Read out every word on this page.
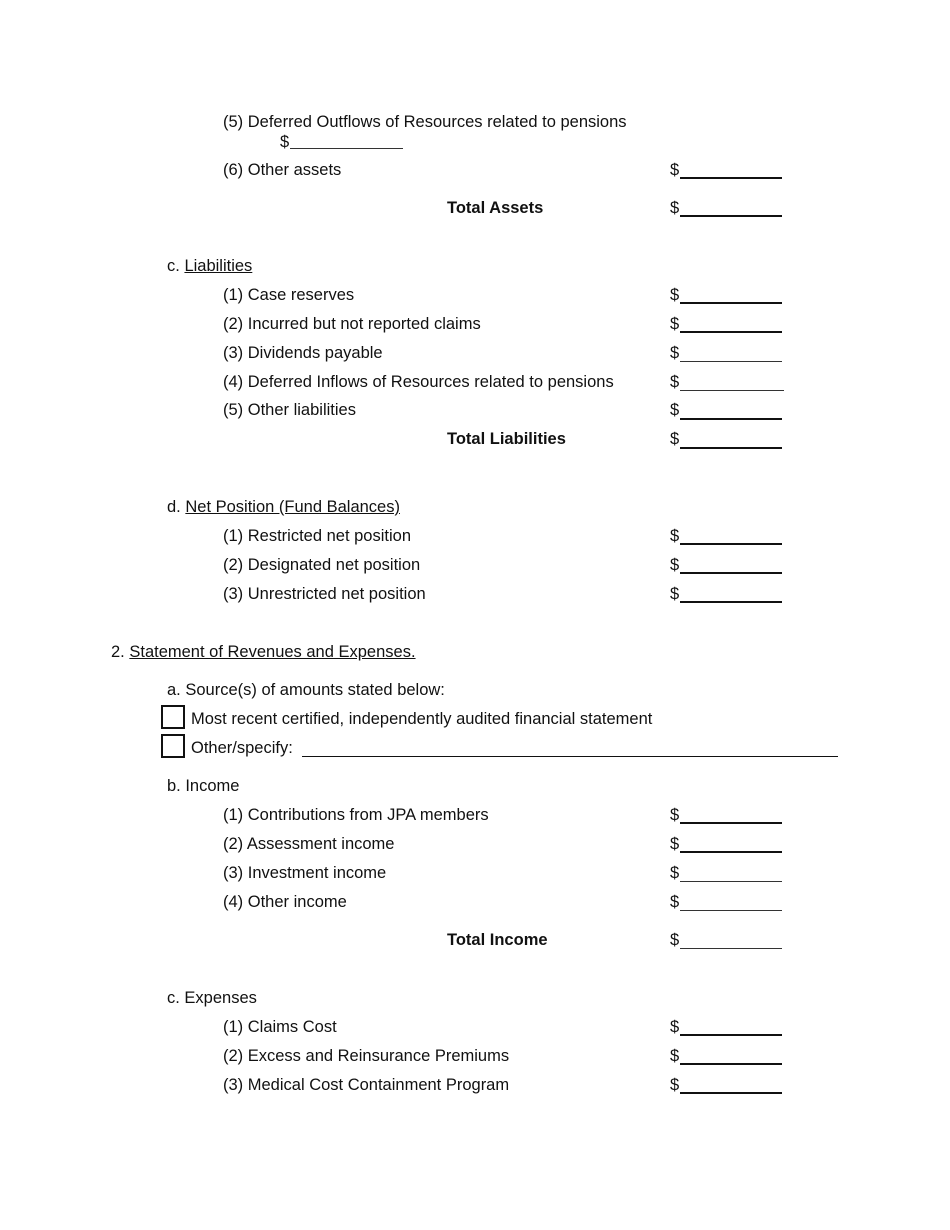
(5) Deferred Outflows of Resources related to pensions
$
(6) Other assets	$
Total Assets	$
c. Liabilities
(1) Case reserves	$
(2) Incurred but not reported claims	$
(3) Dividends payable	$
(4) Deferred Inflows of Resources related to pensions	$
(5) Other liabilities	$
Total Liabilities	$
d. Net Position (Fund Balances)
(1) Restricted net position	$
(2) Designated net position	$
(3) Unrestricted net position	$
2. Statement of Revenues and Expenses.
a. Source(s) of amounts stated below:
Most recent certified, independently audited financial statement
Other/specify:
b. Income
(1) Contributions from JPA members	$
(2) Assessment income	$
(3) Investment income	$
(4) Other income	$
Total Income	$
c. Expenses
(1) Claims Cost	$
(2) Excess and Reinsurance Premiums	$
(3) Medical Cost Containment Program	$
